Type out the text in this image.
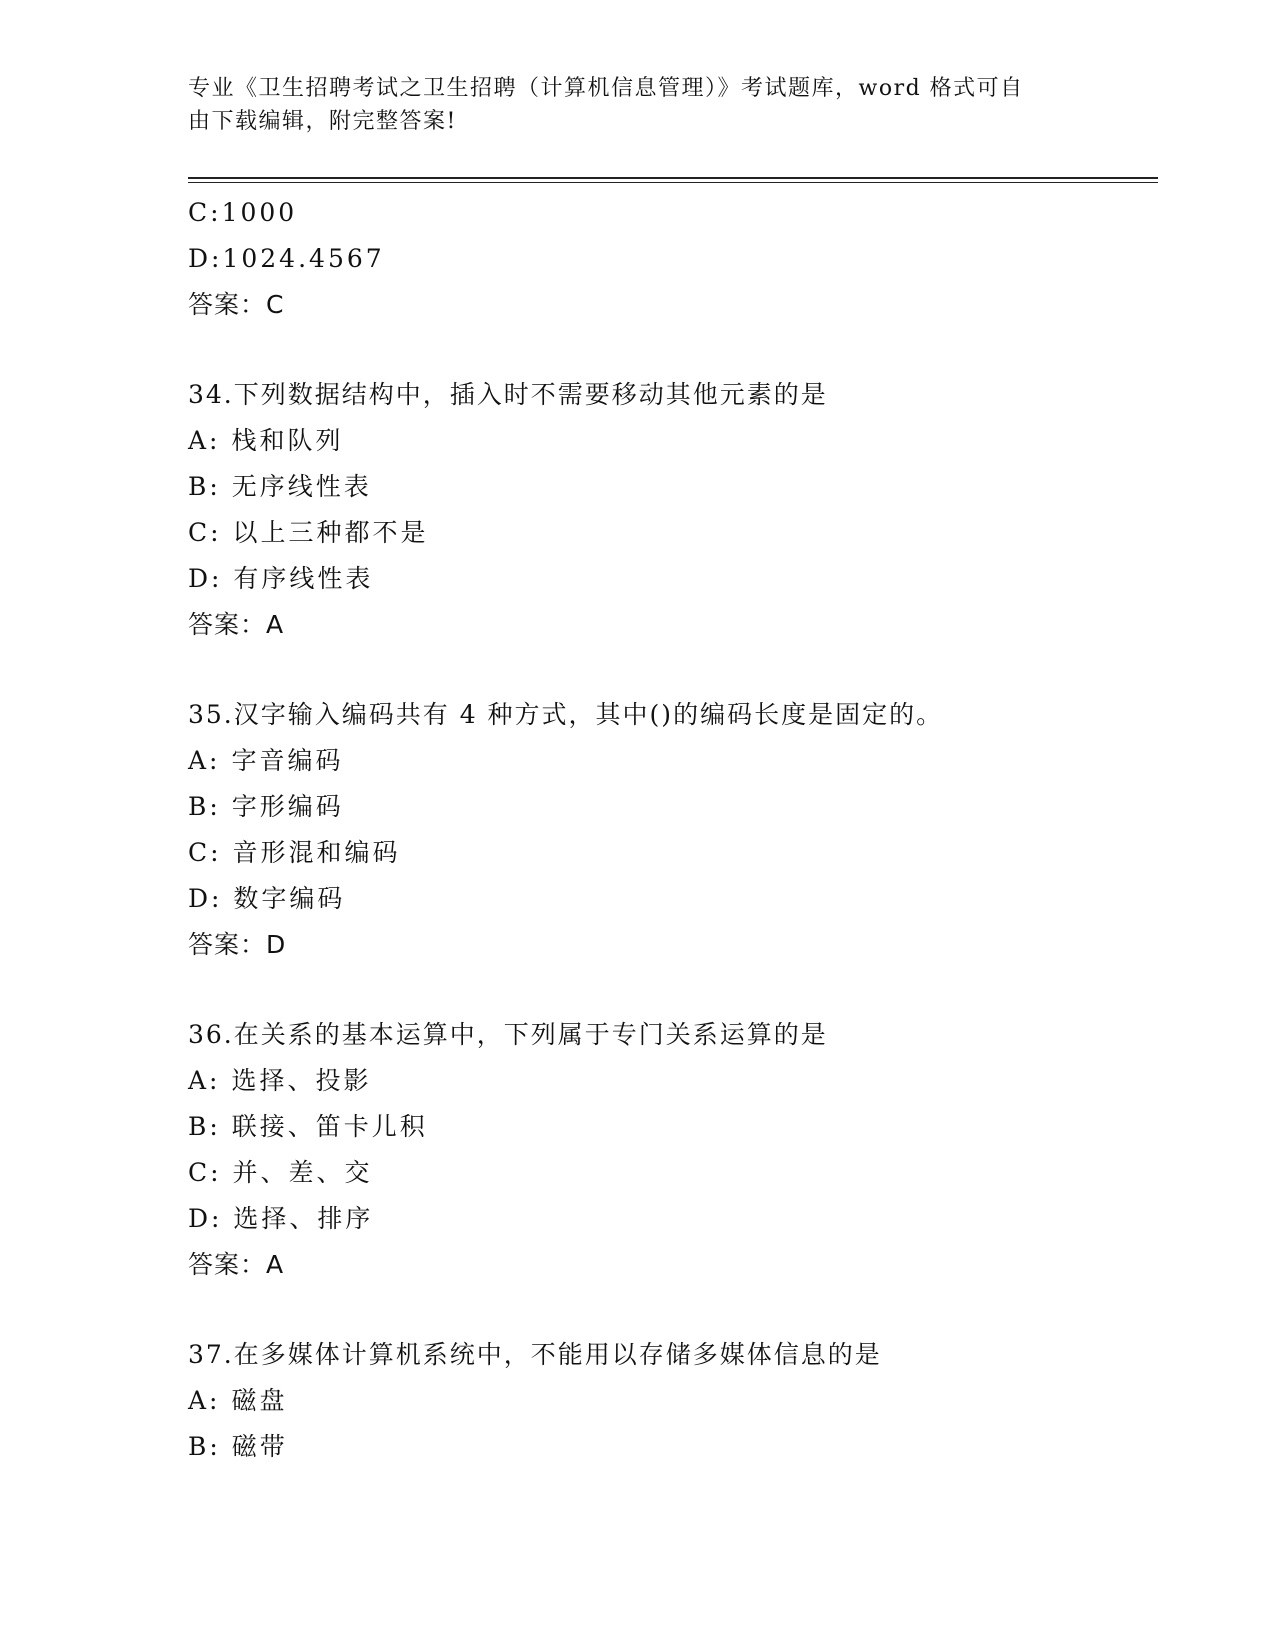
专业《卫生招聘考试之卫生招聘（计算机信息管理）》考试题库，word 格式可自
由下载编辑，附完整答案!
C:1000
D:1024.4567
答案：C
34.下列数据结构中，插入时不需要移动其他元素的是
A: 栈和队列
B: 无序线性表
C: 以上三种都不是
D: 有序线性表
答案：A
35.汉字输入编码共有 4 种方式，其中()的编码长度是固定的。
A: 字音编码
B: 字形编码
C: 音形混和编码
D: 数字编码
答案：D
36.在关系的基本运算中，下列属于专门关系运算的是
A: 选择、投影
B: 联接、笛卡儿积
C: 并、差、交
D: 选择、排序
答案：A
37.在多媒体计算机系统中，不能用以存储多媒体信息的是
A: 磁盘
B: 磁带
